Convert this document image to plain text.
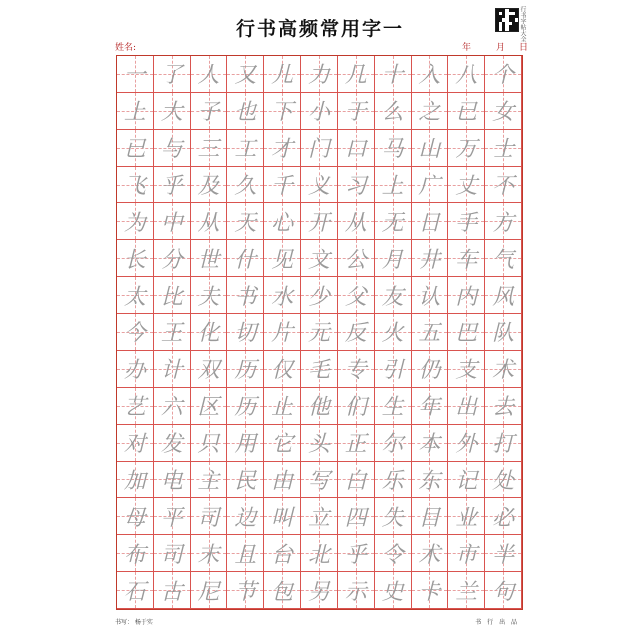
行书高频常用字一	行书字帖大全
姓名:	年	月 日
一 了 人 又 儿 力 几 十 入 八 个
上 大 子 也 下 小 于 么 之 已 女
已 与 三 工 才 门 口 马 山 万 士
飞 乎 及 久 千 义 习 上 广 丈 不
为 中 从 天 心 开 从 无 日 手 方
长 分 世 什 见 文 公 月 井 车 气
太 比 夫 书 水 少 父 友 认 内 风
今 王 化 切 片 元 反 火 五 巴 队
办 计 双 历 仅 毛 专 引 仍 支 术
艺 六 区 历 止 他 们 生 年 出 去
对 发 只 用 它 头 正 尔 本 外 打
加 电 主 民 由 写 白 乐 东 记 处
母 平 司 边 叫 立 四 失 目 业 必
布 司 末 且 台 北 乎 令 术 市 半
石 古 尼 节 包 另 示 史 卡 兰 句
书写： 杨于实	书 行 出 品
